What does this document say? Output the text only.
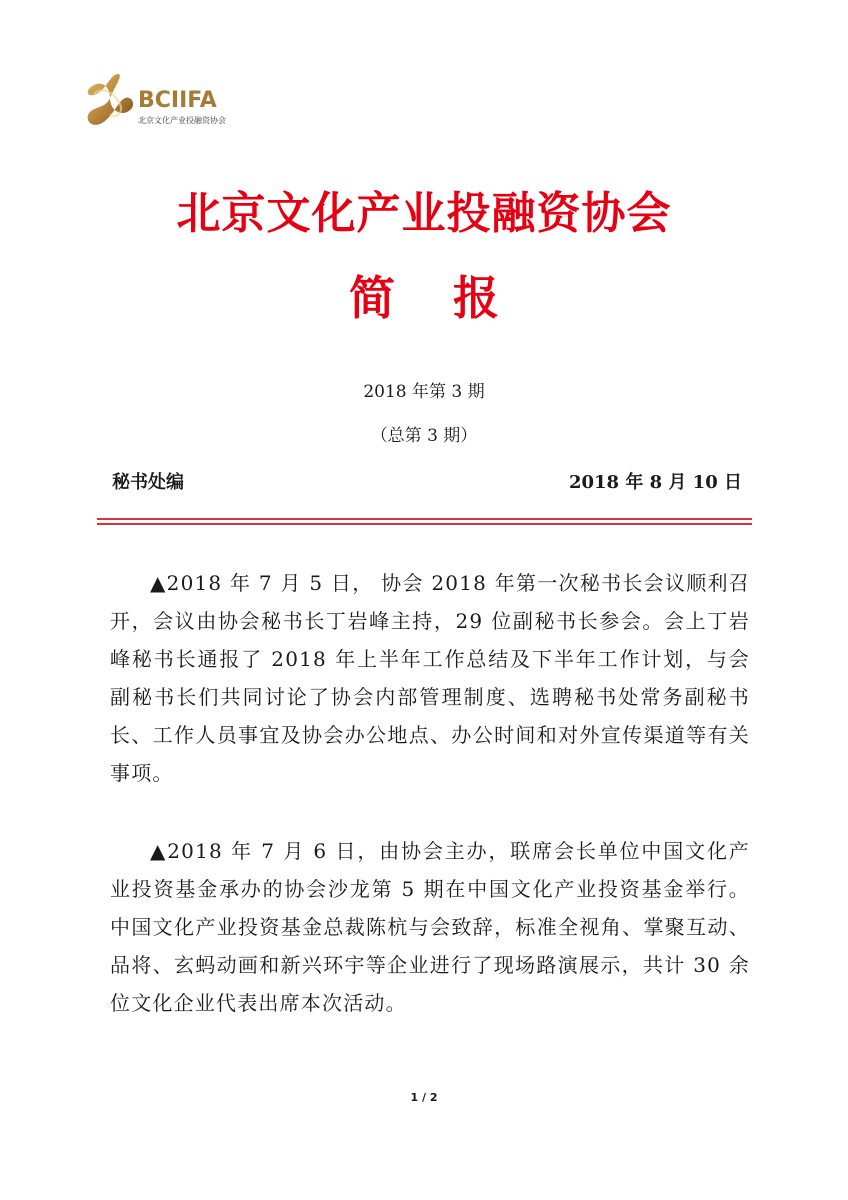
BCIIFA
北京文化产业投融资协会
北京文化产业投融资协会
简 报
2018 年第 3 期
（总第 3 期）
秘书处编	2018 年 8 月 10 日
▲2018 年 7 月 5 日， 协会 2018 年第一次秘书长会议顺利召开，会议由协会秘书长丁岩峰主持，29 位副秘书长参会。会上丁岩峰秘书长通报了 2018 年上半年工作总结及下半年工作计划，与会副秘书长们共同讨论了协会内部管理制度、选聘秘书处常务副秘书长、工作人员事宜及协会办公地点、办公时间和对外宣传渠道等有关事项。
▲2018 年 7 月 6 日，由协会主办，联席会长单位中国文化产业投资基金承办的协会沙龙第 5 期在中国文化产业投资基金举行。中国文化产业投资基金总裁陈杭与会致辞，标准全视角、掌聚互动、品将、玄蚂动画和新兴环宇等企业进行了现场路演展示，共计 30 余位文化企业代表出席本次活动。
1 / 2
